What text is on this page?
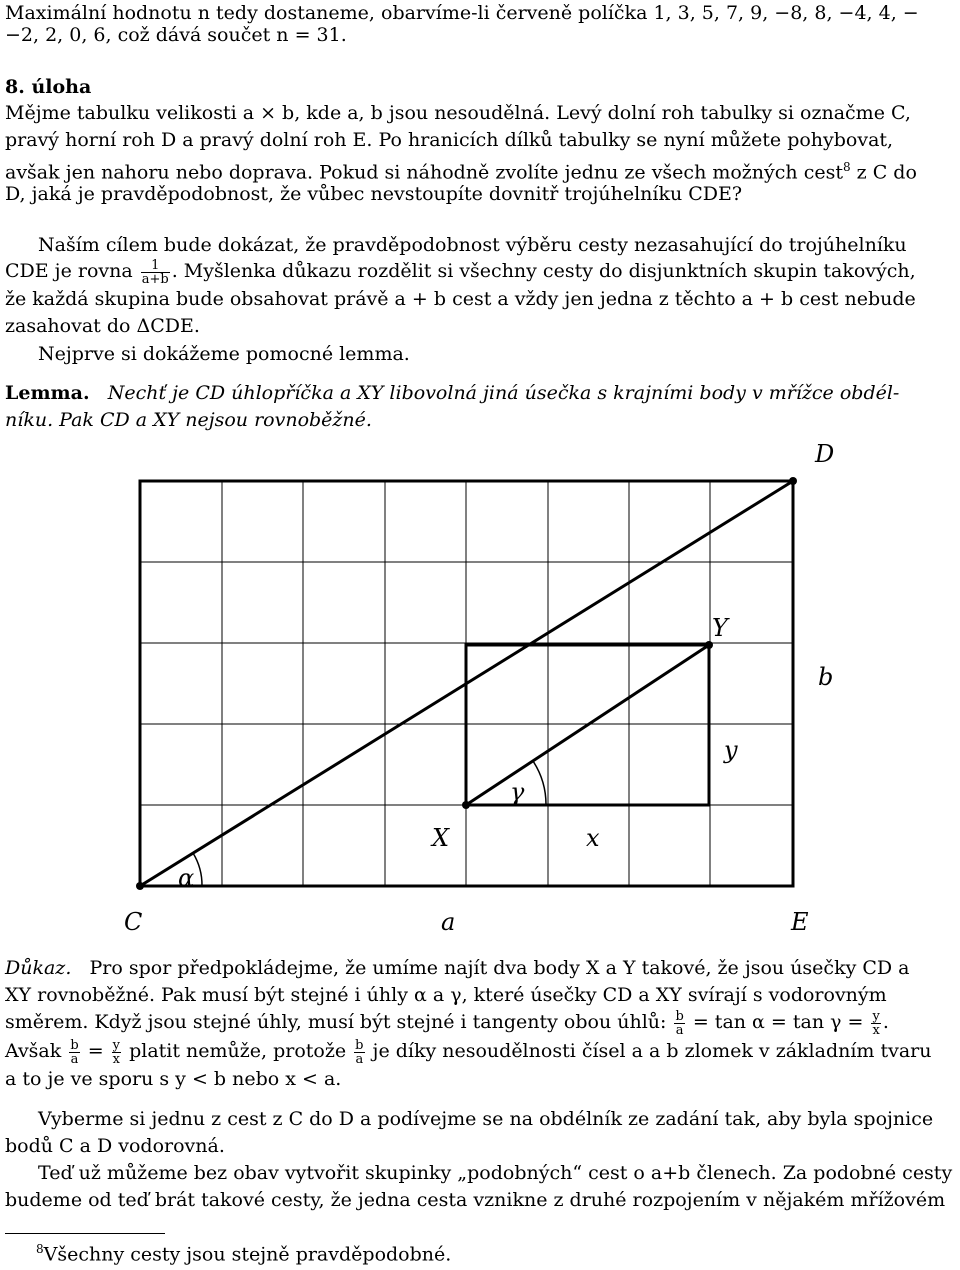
Maximální hodnotu n tedy dostaneme, obarvíme-li červeně políčka 1, 3, 5, 7, 9, −8, 8, −4, 4, −
−2, 2, 0, 6, což dává součet n = 31.
8. úloha
Mějme tabulku velikosti a × b, kde a, b jsou nesoudělná. Levý dolní roh tabulky si označme C,
pravý horní roh D a pravý dolní roh E. Po hranicích dílků tabulky se nyní můžete pohybovat,
avšak jen nahoru nebo doprava. Pokud si náhodně zvolíte jednu ze všech možných cest$^8$ z C do
D, jaká je pravděpodobnost, že vůbec nevstoupíte dovnitř trojúhelníku CDE?
Naším cílem bude dokázat, že pravděpodobnost výběru cesty nezasahující do trojúhelníku
CDE je rovna $\frac{1}{a+b}$ . Myšlenka důkazu rozdělit si všechny cesty do disjunktních skupin takových,
že každá skupina bude obsahovat právě a + b cest a vždy jen jedna z těchto a + b cest nebude
zasahovat do ΔCDE.
Nejprve si dokážeme pomocné lemma.
Lemma. Nechť je CD úhlopříčka a XY libovolná jiná úsečka s krajními body v mřížce obdél-
níku. Pak CD a XY nejsou rovnoběžné.
D
Y
b
y
γ
X	x
α
C	a	E
Důkaz. Pro spor předpokládejme, že umíme najít dva body X a Y takové, že jsou úsečky CD a
XY rovnoběžné. Pak musí být stejné i úhly α a γ, které úsečky CD a XY svírají s vodorovným
směrem. Když jsou stejné úhly, musí být stejné i tangenty obou úhlů: $\frac{b}{a} = \tan \alpha = \tan \gamma = \frac{y}{x}$ .
Avšak $\frac{b}{a} = \frac{y}{x}$ platit nemůže, protože $\frac{b}{a}$ je díky nesoudělnosti čísel a a b zlomek v základním tvaru
a to je ve sporu s y < b nebo x < a.
Vyberme si jednu z cest z C do D a podívejme se na obdélník ze zadání tak, aby byla spojnice
bodů C a D vodorovná.
Teď už můžeme bez obav vytvořit skupinky „podobných“ cest o a+b členech. Za podobné cesty
budeme od teď brát takové cesty, že jedna cesta vznikne z druhé rozpojením v nějakém mřížovém
$^8$Všechny cesty jsou stejně pravděpodobné.
